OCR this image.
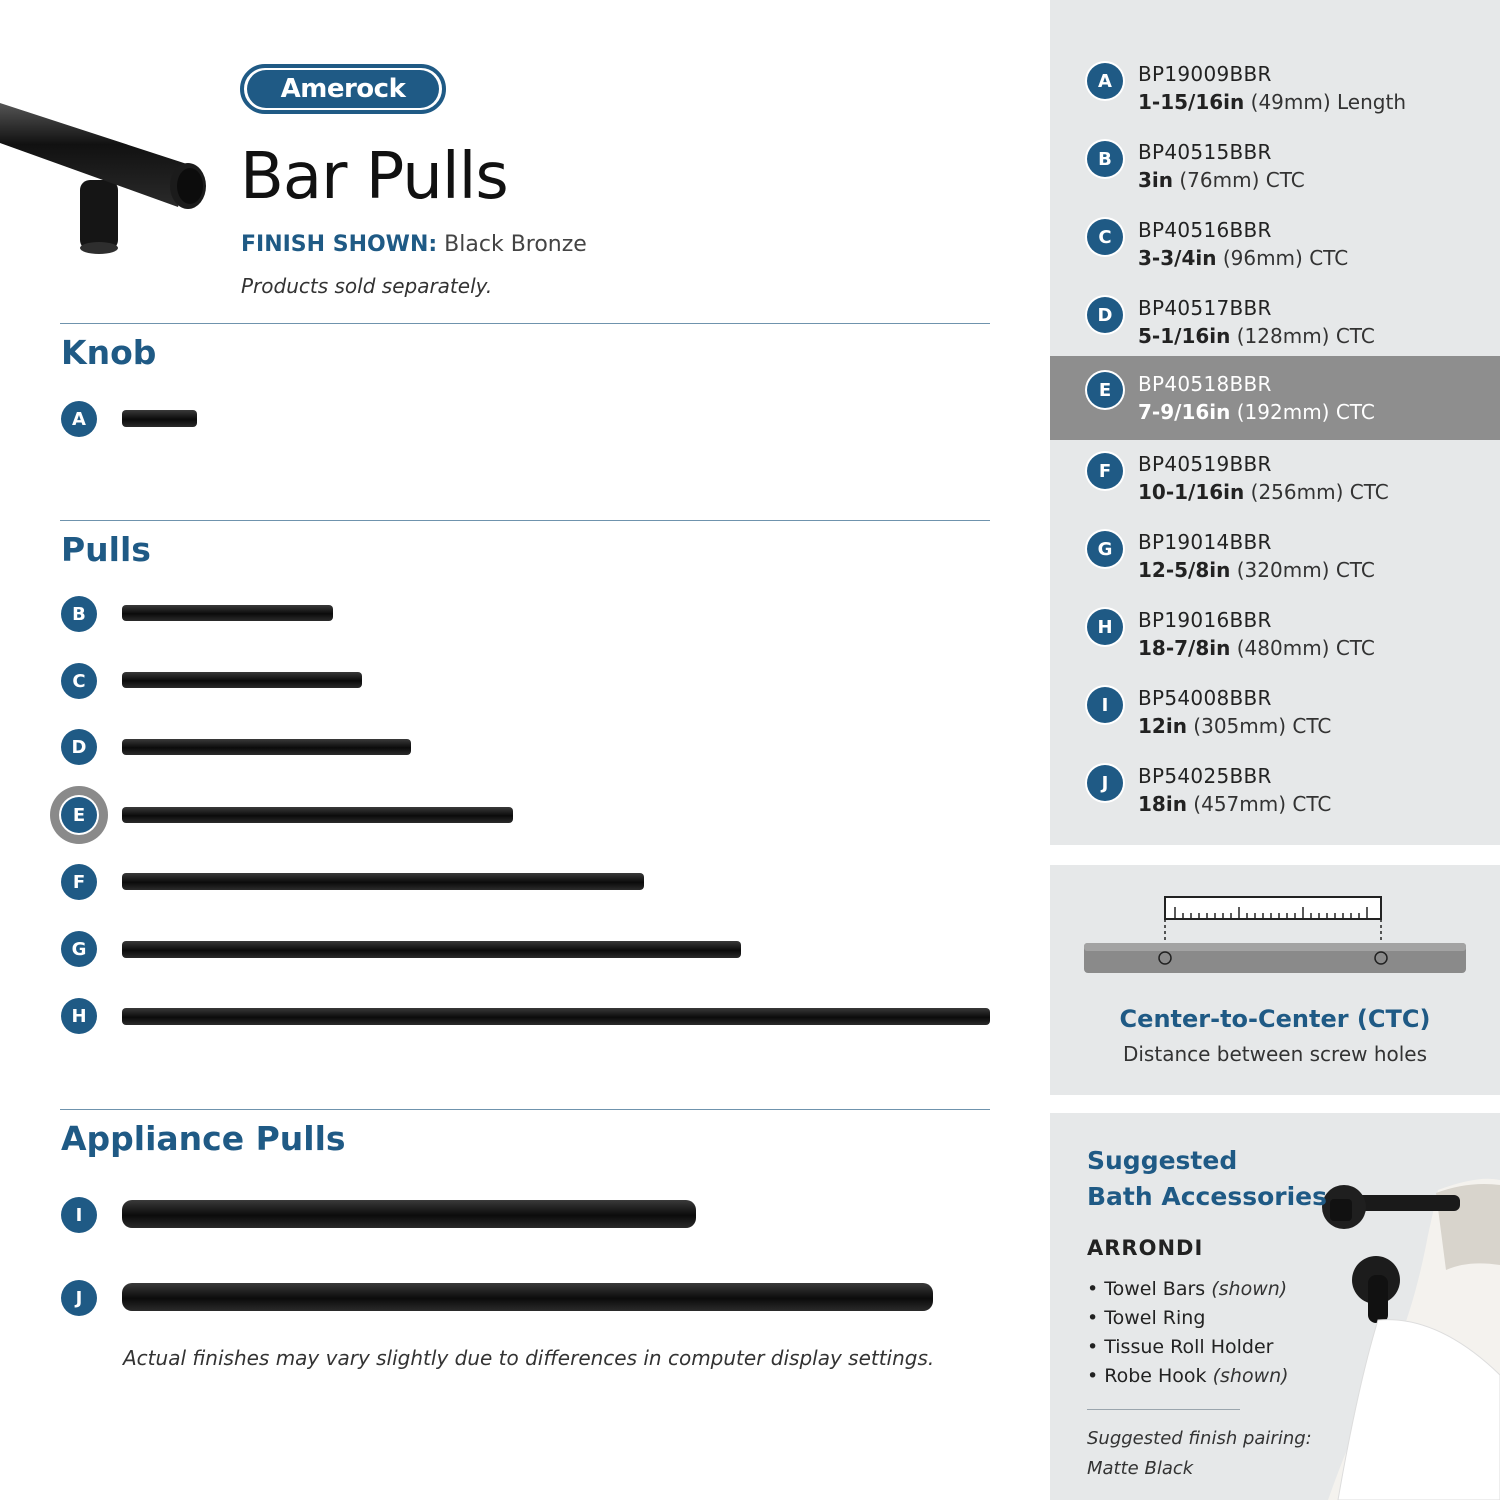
Amerock
Bar Pulls
FINISH SHOWN: Black Bronze
Products sold separately.
Knob
A
Pulls
B
C
D
E
F
G
H
Appliance Pulls
I
J
Actual finishes may vary slightly due to differences in computer display settings.
A	BP19009BBR
1-15/16in (49mm) Length
B	BP40515BBR
3in (76mm) CTC
C	BP40516BBR
3-3/4in (96mm) CTC
D	BP40517BBR
5-1/16in (128mm) CTC
E	BP40518BBR
7-9/16in (192mm) CTC
F	BP40519BBR
10-1/16in (256mm) CTC
G	BP19014BBR
12-5/8in (320mm) CTC
H	BP19016BBR
18-7/8in (480mm) CTC
I	BP54008BBR
12in (305mm) CTC
J	BP54025BBR
18in (457mm) CTC
Center-to-Center (CTC)
Distance between screw holes
Suggested
Bath Accessories
ARRONDI
• Towel Bars (shown)
• Towel Ring
• Tissue Roll Holder
• Robe Hook (shown)
Suggested finish pairing:
Matte Black
